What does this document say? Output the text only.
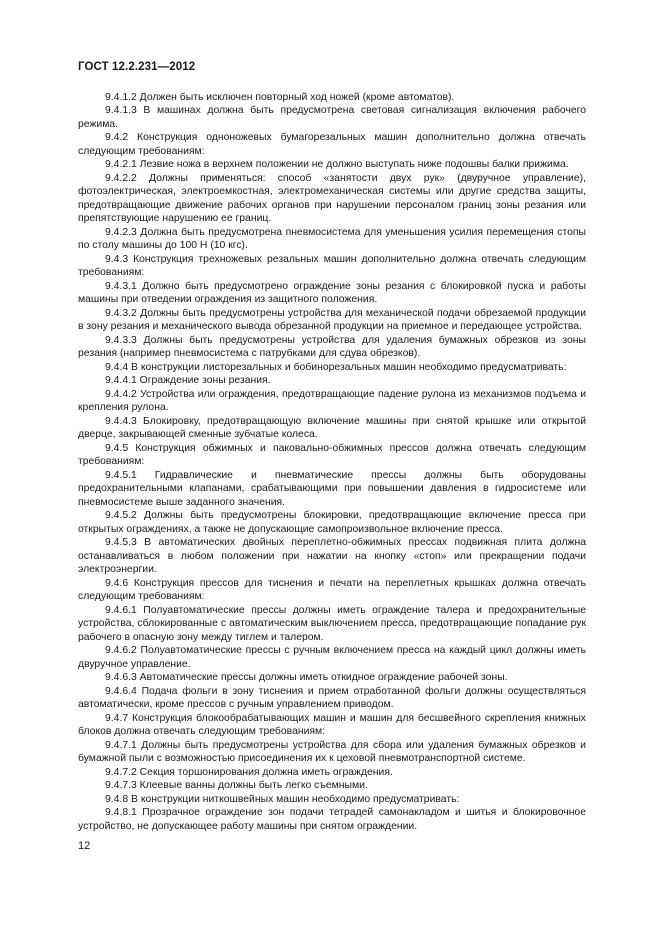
ГОСТ 12.2.231—2012

9.4.1.2 Должен быть исключен повторный ход ножей (кроме автоматов).

9.4.1.3 В машинах должна быть предусмотрена световая сигнализация включения рабочего режима.

9.4.2 Конструкция одноножевых бумагорезальных машин дополнительно должна отвечать следующим требованиям:

9.4.2.1 Лезвие ножа в верхнем положении не должно выступать ниже подошвы балки прижима.

9.4.2.2 Должны применяться: способ «занятости двух рук» (двуручное управление), фотоэлектрическая, электроемкостная, электромеханическая системы или другие средства защиты, предотвращающие движение рабочих органов при нарушении персоналом границ зоны резания или препятствующие нарушению ее границ.

9.4.2.3 Должна быть предусмотрена пневмосистема для уменьшения усилия перемещения стопы по столу машины до 100 Н (10 кгс).

9.4.3 Конструкция трехножевых резальных машин дополнительно должна отвечать следующим требованиям:

9.4.3.1 Должно быть предусмотрено ограждение зоны резания с блокировкой пуска и работы машины при отведении ограждения из защитного положения.

9.4.3.2 Должны быть предусмотрены устройства для механической подачи обрезаемой продукции в зону резания и механического вывода обрезанной продукции на приемное и передающее устройства.

9.4.3.3 Должны быть предусмотрены устройства для удаления бумажных обрезков из зоны резания (например пневмосистема с патрубками для сдува обрезков).

9.4.4 В конструкции листорезальных и бобинорезальных машин необходимо предусматривать:

9.4.4.1 Ограждение зоны резания.

9.4.4.2 Устройства или ограждения, предотвращающие падение рулона из механизмов подъема и крепления рулона.

9.4.4.3 Блокировку, предотвращающую включение машины при снятой крышке или открытой дверце, закрывающей сменные зубчатые колеса.

9.4.5 Конструкция обжимных и паковально-обжимных прессов должна отвечать следующим требованиям:

9.4.5.1 Гидравлические и пневматические прессы должны быть оборудованы предохранительными клапанами, срабатывающими при повышении давления в гидросистеме или пневмосистеме выше заданного значения.

9.4.5.2 Должны быть предусмотрены блокировки, предотвращающие включение пресса при открытых ограждениях, а также не допускающие самопроизвольное включение пресса.

9.4.5.3 В автоматических двойных переплетно-обжимных прессах подвижная плита должна останавливаться в любом положении при нажатии на кнопку «стоп» или прекращении подачи электроэнергии.

9.4.6 Конструкция прессов для тиснения и печати на переплетных крышках должна отвечать следующим требованиям:

9.4.6.1 Полуавтоматические прессы должны иметь ограждение талера и предохранительные устройства, сблокированные с автоматическим выключением пресса, предотвращающие попадание рук рабочего в опасную зону между тиглем и талером.

9.4.6.2 Полуавтоматические прессы с ручным включением пресса на каждый цикл должны иметь двуручное управление.

9.4.6.3 Автоматические прессы должны иметь откидное ограждение рабочей зоны.

9.4.6.4 Подача фольги в зону тиснения и прием отработанной фольги должны осуществляться автоматически, кроме прессов с ручным управлением приводом.

9.4.7 Конструкция блокообрабатывающих машин и машин для бесшвейного скрепления книжных блоков должна отвечать следующим требованиям:

9.4.7.1 Должны быть предусмотрены устройства для сбора или удаления бумажных обрезков и бумажной пыли с возможностью присоединения их к цеховой пневмотранспортной системе.

9.4.7.2 Секция торшонирования должна иметь ограждения.

9.4.7.3 Клеевые ванны должны быть легко съемными.

9.4.8 В конструкции ниткошвейных машин необходимо предусматривать:

9.4.8.1 Прозрачное ограждение зон подачи тетрадей самонакладом и шитья и блокировочное устройство, не допускающее работу машины при снятом ограждении.

12
